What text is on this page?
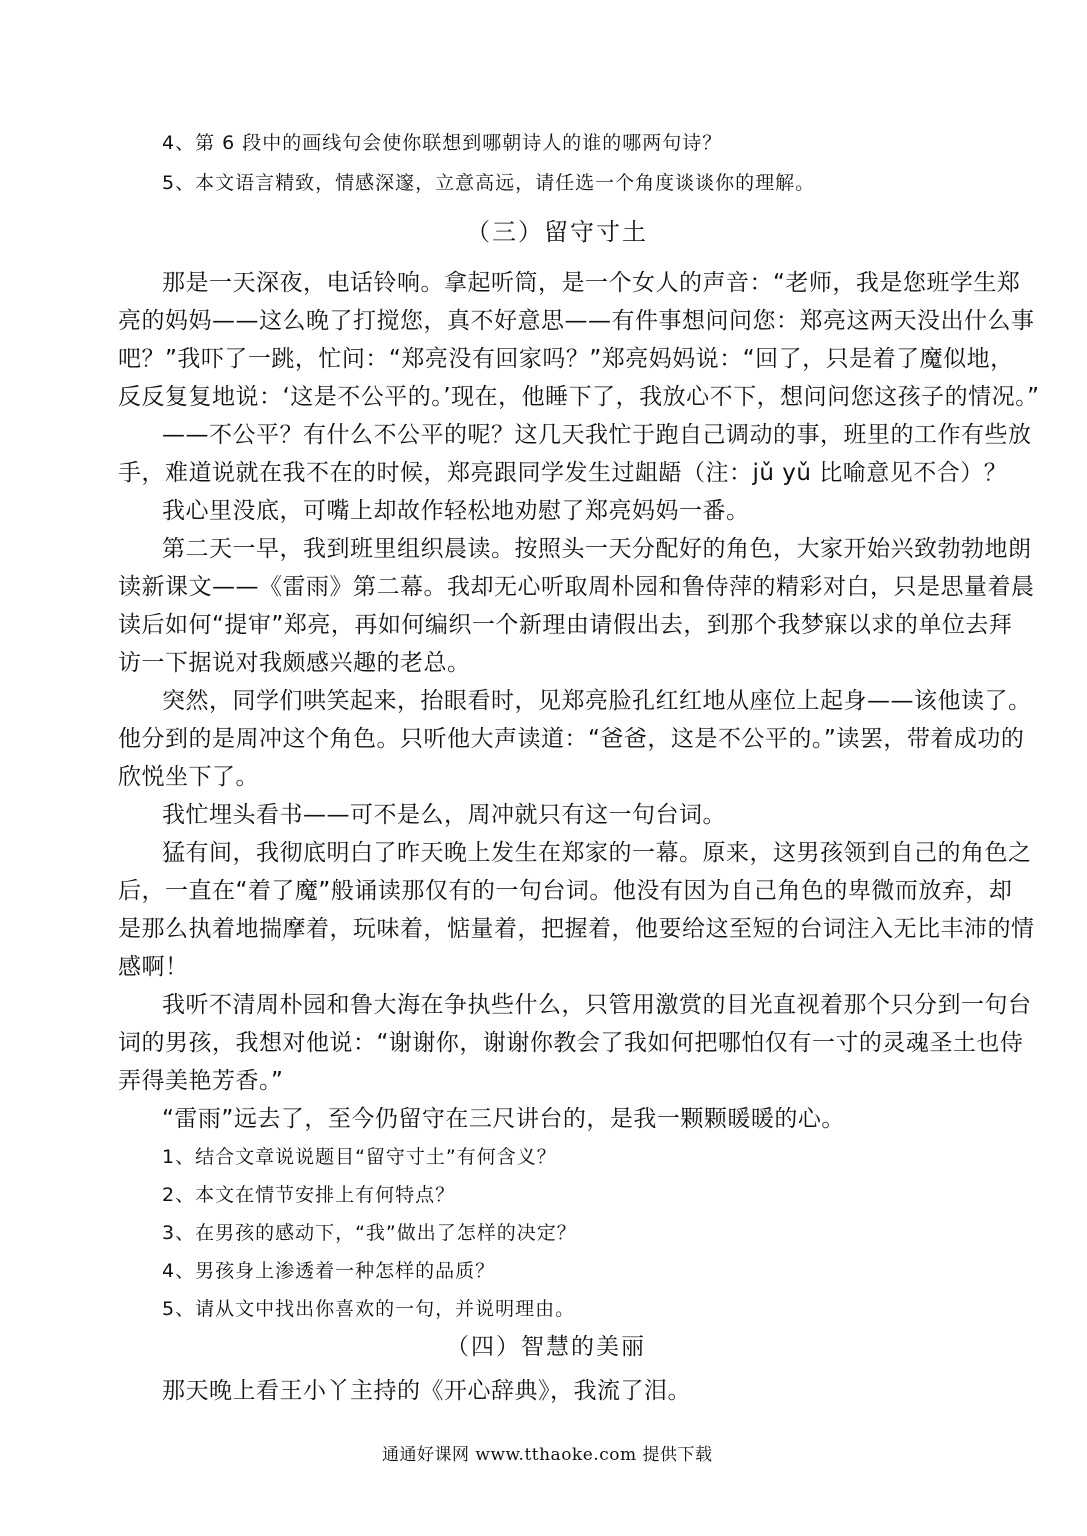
4、第 6 段中的画线句会使你联想到哪朝诗人的谁的哪两句诗？
5、本文语言精致，情感深邃，立意高远，请任选一个角度谈谈你的理解。
（三）留守寸土
那是一天深夜，电话铃响。拿起听筒，是一个女人的声音：“老师，我是您班学生郑
亮的妈妈——这么晚了打搅您，真不好意思——有件事想问问您：郑亮这两天没出什么事
吧？”我吓了一跳，忙问：“郑亮没有回家吗？”郑亮妈妈说：“回了，只是着了魔似地，
反反复复地说：‘这是不公平的。’现在，他睡下了，我放心不下，想问问您这孩子的情况。”
——不公平？有什么不公平的呢？这几天我忙于跑自己调动的事，班里的工作有些放
手，难道说就在我不在的时候，郑亮跟同学发生过龃龉（注：jǔ yǔ 比喻意见不合）？
我心里没底，可嘴上却故作轻松地劝慰了郑亮妈妈一番。
第二天一早，我到班里组织晨读。按照头一天分配好的角色，大家开始兴致勃勃地朗
读新课文——《雷雨》第二幕。我却无心听取周朴园和鲁侍萍的精彩对白，只是思量着晨
读后如何“提审”郑亮，再如何编织一个新理由请假出去，到那个我梦寐以求的单位去拜
访一下据说对我颇感兴趣的老总。
突然，同学们哄笑起来，抬眼看时，见郑亮脸孔红红地从座位上起身——该他读了。
他分到的是周冲这个角色。只听他大声读道：“爸爸，这是不公平的。”读罢，带着成功的
欣悦坐下了。
我忙埋头看书——可不是么，周冲就只有这一句台词。
猛有间，我彻底明白了昨天晚上发生在郑家的一幕。原来，这男孩领到自己的角色之
后，一直在“着了魔”般诵读那仅有的一句台词。他没有因为自己角色的卑微而放弃，却
是那么执着地揣摩着，玩味着，惦量着，把握着，他要给这至短的台词注入无比丰沛的情
感啊！
我听不清周朴园和鲁大海在争执些什么，只管用激赏的目光直视着那个只分到一句台
词的男孩，我想对他说：“谢谢你，谢谢你教会了我如何把哪怕仅有一寸的灵魂圣土也侍
弄得美艳芳香。”
“雷雨”远去了，至今仍留守在三尺讲台的，是我一颗颗暖暖的心。
1、结合文章说说题目“留守寸土”有何含义？
2、本文在情节安排上有何特点？
3、在男孩的感动下，“我”做出了怎样的决定？
4、男孩身上渗透着一种怎样的品质？
5、请从文中找出你喜欢的一句，并说明理由。
（四）智慧的美丽
那天晚上看王小丫主持的《开心辞典》，我流了泪。
通通好课网 www.tthaoke.com 提供下载
